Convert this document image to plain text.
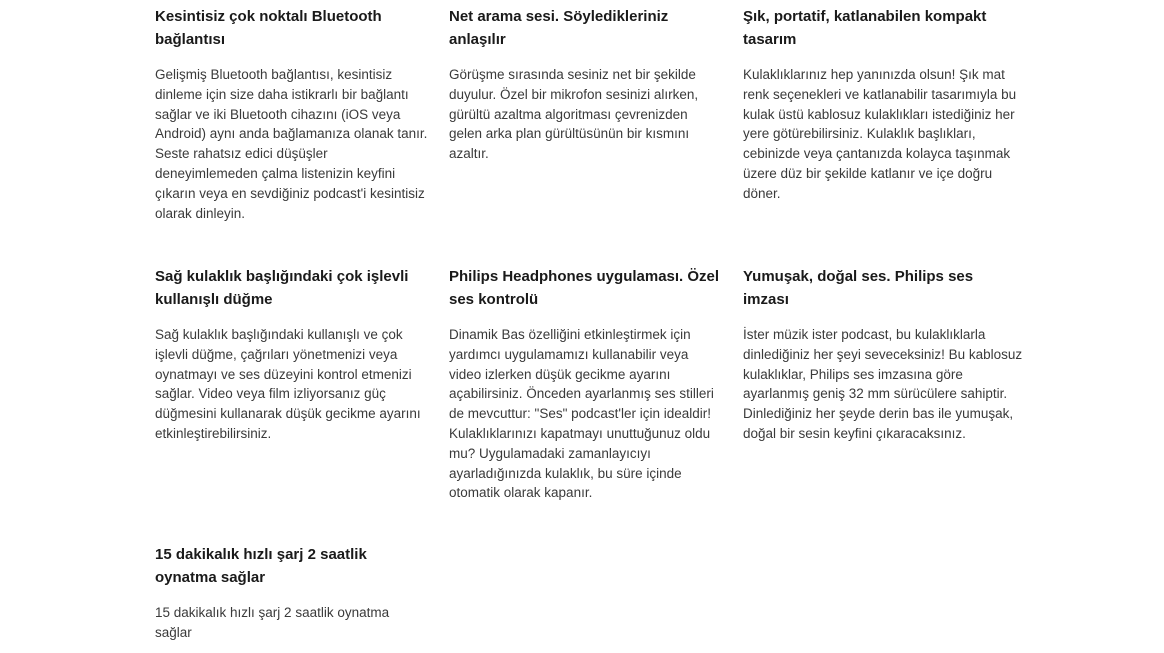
Kesintisiz çok noktalı Bluetooth bağlantısı

Gelişmiş Bluetooth bağlantısı, kesintisiz dinleme için size daha istikrarlı bir bağlantı sağlar ve iki Bluetooth cihazını (iOS veya Android) aynı anda bağlamanıza olanak tanır. Seste rahatsız edici düşüşler deneyimlemeden çalma listenizin keyfini çıkarın veya en sevdiğiniz podcast'i kesintisiz olarak dinleyin.

Net arama sesi. Söyledikleriniz anlaşılır

Görüşme sırasında sesiniz net bir şekilde duyulur. Özel bir mikrofon sesinizi alırken, gürültü azaltma algoritması çevrenizden gelen arka plan gürültüsünün bir kısmını azaltır.

Şık, portatif, katlanabilen kompakt tasarım

Kulaklıklarınız hep yanınızda olsun! Şık mat renk seçenekleri ve katlanabilir tasarımıyla bu kulak üstü kablosuz kulaklıkları istediğiniz her yere götürebilirsiniz. Kulaklık başlıkları, cebinizde veya çantanızda kolayca taşınmak üzere düz bir şekilde katlanır ve içe doğru döner.

Sağ kulaklık başlığındaki çok işlevli kullanışlı düğme

Sağ kulaklık başlığındaki kullanışlı ve çok işlevli düğme, çağrıları yönetmenizi veya oynatmayı ve ses düzeyini kontrol etmenizi sağlar. Video veya film izliyorsanız güç düğmesini kullanarak düşük gecikme ayarını etkinleştirebilirsiniz.

Philips Headphones uygulaması. Özel ses kontrolü

Dinamik Bas özelliğini etkinleştirmek için yardımcı uygulamamızı kullanabilir veya video izlerken düşük gecikme ayarını açabilirsiniz. Önceden ayarlanmış ses stilleri de mevcuttur: "Ses" podcast'ler için idealdir! Kulaklıklarınızı kapatmayı unuttuğunuz oldu mu? Uygulamadaki zamanlayıcıyı ayarladığınızda kulaklık, bu süre içinde otomatik olarak kapanır.

Yumuşak, doğal ses. Philips ses imzası

İster müzik ister podcast, bu kulaklıklarla dinlediğiniz her şeyi seveceksiniz! Bu kablosuz kulaklıklar, Philips ses imzasına göre ayarlanmış geniş 32 mm sürücülere sahiptir. Dinlediğiniz her şeyde derin bas ile yumuşak, doğal bir sesin keyfini çıkaracaksınız.

15 dakikalık hızlı şarj 2 saatlik oynatma sağlar

15 dakikalık hızlı şarj 2 saatlik oynatma sağlar
